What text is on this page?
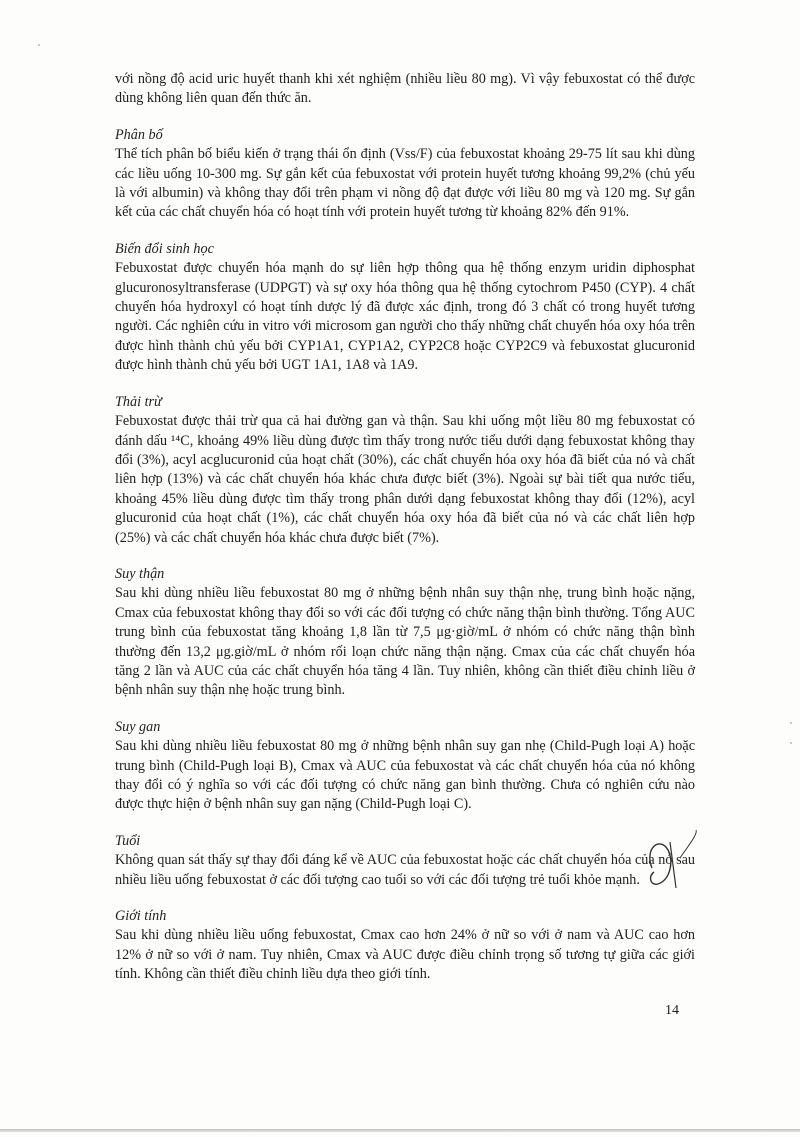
với nồng độ acid uric huyết thanh khi xét nghiệm (nhiều liều 80 mg). Vì vậy febuxostat có thể được dùng không liên quan đến thức ăn.

Phân bố

Thể tích phân bố biểu kiến ở trạng thái ổn định (Vss/F) của febuxostat khoảng 29-75 lít sau khi dùng các liều uống 10-300 mg. Sự gắn kết của febuxostat với protein huyết tương khoảng 99,2% (chủ yếu là với albumin) và không thay đổi trên phạm vi nồng độ đạt được với liều 80 mg và 120 mg. Sự gắn kết của các chất chuyển hóa có hoạt tính với protein huyết tương từ khoảng 82% đến 91%.

Biến đổi sinh học

Febuxostat được chuyển hóa mạnh do sự liên hợp thông qua hệ thống enzym uridin diphosphat glucuronosyltransferase (UDPGT) và sự oxy hóa thông qua hệ thống cytochrom P450 (CYP). 4 chất chuyển hóa hydroxyl có hoạt tính dược lý đã được xác định, trong đó 3 chất có trong huyết tương người. Các nghiên cứu in vitro với microsom gan người cho thấy những chất chuyển hóa oxy hóa trên được hình thành chủ yếu bởi CYP1A1, CYP1A2, CYP2C8 hoặc CYP2C9 và febuxostat glucuronid được hình thành chủ yếu bởi UGT 1A1, 1A8 và 1A9.

Thải trừ

Febuxostat được thải trừ qua cả hai đường gan và thận. Sau khi uống một liều 80 mg febuxostat có đánh dấu ¹⁴C, khoảng 49% liều dùng được tìm thấy trong nước tiểu dưới dạng febuxostat không thay đổi (3%), acyl acglucuronid của hoạt chất (30%), các chất chuyển hóa oxy hóa đã biết của nó và chất liên hợp (13%) và các chất chuyển hóa khác chưa được biết (3%). Ngoài sự bài tiết qua nước tiểu, khoảng 45% liều dùng được tìm thấy trong phân dưới dạng febuxostat không thay đổi (12%), acyl glucuronid của hoạt chất (1%), các chất chuyển hóa oxy hóa đã biết của nó và các chất liên hợp (25%) và các chất chuyển hóa khác chưa được biết (7%).

Suy thận

Sau khi dùng nhiều liều febuxostat 80 mg ở những bệnh nhân suy thận nhẹ, trung bình hoặc nặng, Cmax của febuxostat không thay đổi so với các đối tượng có chức năng thận bình thường. Tổng AUC trung bình của febuxostat tăng khoảng 1,8 lần từ 7,5 μg·giờ/mL ở nhóm có chức năng thận bình thường đến 13,2 μg.giờ/mL ở nhóm rối loạn chức năng thận nặng. Cmax của các chất chuyển hóa tăng 2 lần và AUC của các chất chuyển hóa tăng 4 lần. Tuy nhiên, không cần thiết điều chỉnh liều ở bệnh nhân suy thận nhẹ hoặc trung bình.

Suy gan

Sau khi dùng nhiều liều febuxostat 80 mg ở những bệnh nhân suy gan nhẹ (Child-Pugh loại A) hoặc trung bình (Child-Pugh loại B), Cmax và AUC của febuxostat và các chất chuyển hóa của nó không thay đổi có ý nghĩa so với các đối tượng có chức năng gan bình thường. Chưa có nghiên cứu nào được thực hiện ở bệnh nhân suy gan nặng (Child-Pugh loại C).

Tuổi

Không quan sát thấy sự thay đổi đáng kể về AUC của febuxostat hoặc các chất chuyển hóa của nó sau nhiều liều uống febuxostat ở các đối tượng cao tuổi so với các đối tượng trẻ tuổi khỏe mạnh.

Giới tính

Sau khi dùng nhiều liều uống febuxostat, Cmax cao hơn 24% ở nữ so với ở nam và AUC cao hơn 12% ở nữ so với ở nam. Tuy nhiên, Cmax và AUC được điều chỉnh trọng số tương tự giữa các giới tính. Không cần thiết điều chỉnh liều dựa theo giới tính.

14
